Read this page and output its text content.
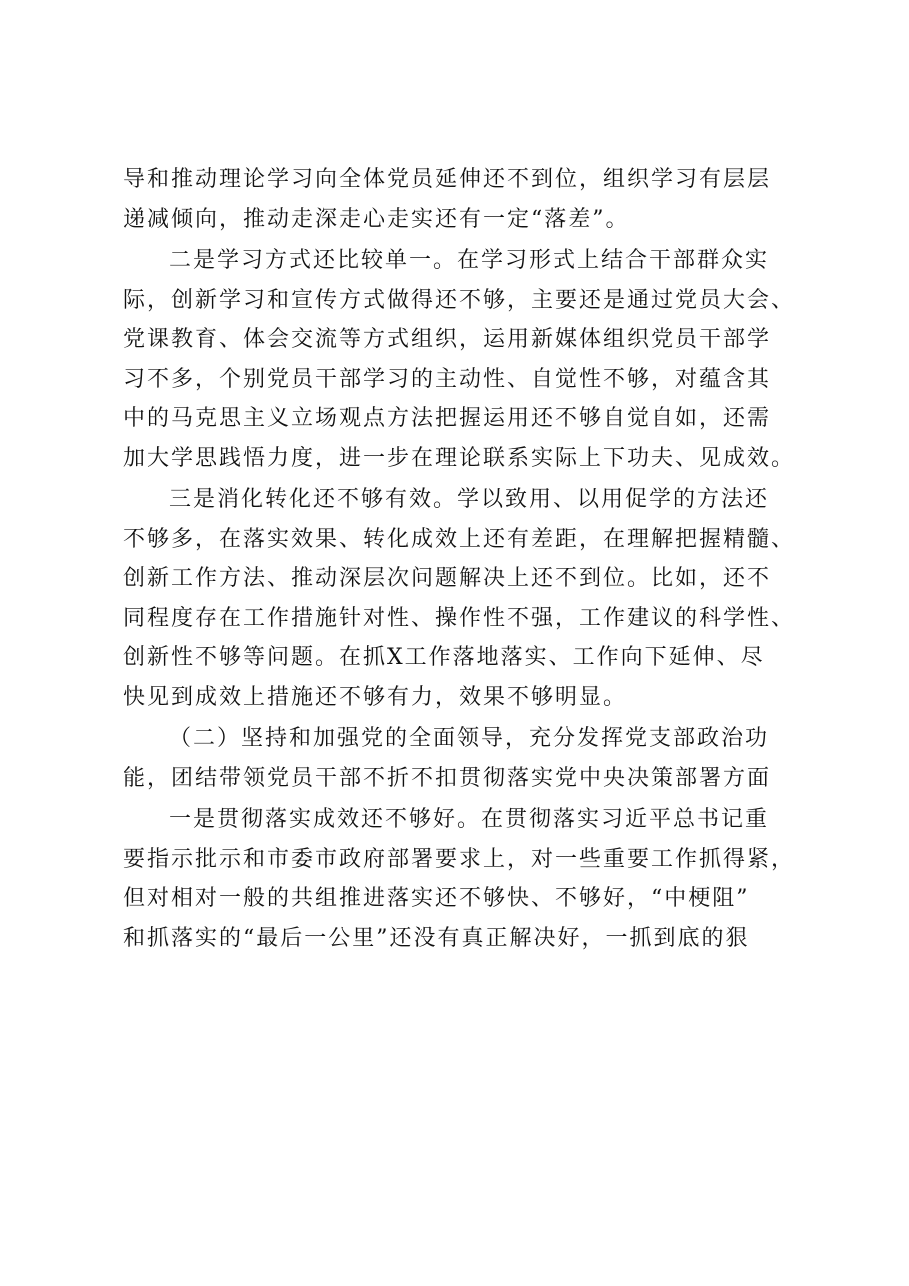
导和推动理论学习向全体党员延伸还不到位，组织学习有层层
递减倾向，推动走深走心走实还有一定“落差”。
二是学习方式还比较单一。在学习形式上结合干部群众实
际，创新学习和宣传方式做得还不够，主要还是通过党员大会、
党课教育、体会交流等方式组织，运用新媒体组织党员干部学
习不多，个别党员干部学习的主动性、自觉性不够，对蕴含其
中的马克思主义立场观点方法把握运用还不够自觉自如，还需
加大学思践悟力度，进一步在理论联系实际上下功夫、见成效。
三是消化转化还不够有效。学以致用、以用促学的方法还
不够多，在落实效果、转化成效上还有差距，在理解把握精髓、
创新工作方法、推动深层次问题解决上还不到位。比如，还不
同程度存在工作措施针对性、操作性不强，工作建议的科学性、
创新性不够等问题。在抓X工作落地落实、工作向下延伸、尽
快见到成效上措施还不够有力，效果不够明显。
（二）坚持和加强党的全面领导，充分发挥党支部政治功
能，团结带领党员干部不折不扣贯彻落实党中央决策部署方面
一是贯彻落实成效还不够好。在贯彻落实习近平总书记重
要指示批示和市委市政府部署要求上，对一些重要工作抓得紧，
但对相对一般的共组推进落实还不够快、不够好，“中梗阻”
和抓落实的“最后一公里”还没有真正解决好，一抓到底的狠
